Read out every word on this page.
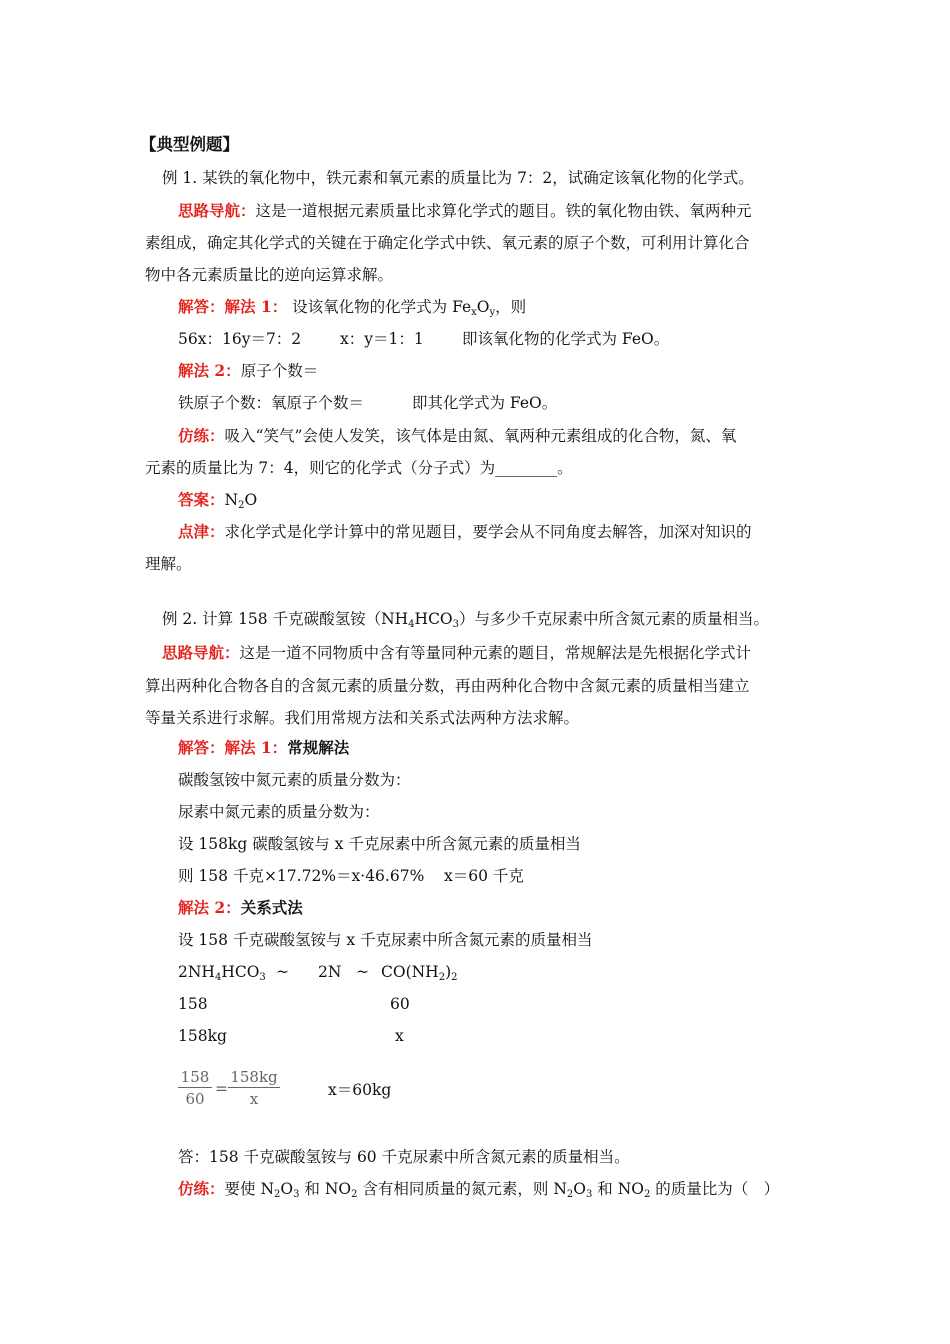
【典型例题】
例 1. 某铁的氧化物中，铁元素和氧元素的质量比为 7：2，试确定该氧化物的化学式。
思路导航：这是一道根据元素质量比求算化学式的题目。铁的氧化物由铁、氧两种元
素组成，确定其化学式的关键在于确定化学式中铁、氧元素的原子个数，可利用计算化合
物中各元素质量比的逆向运算求解。
解答：解法 1： 设该氧化物的化学式为 $Fe_xO_y$，则
56x：16y＝7：2	x：y＝1：1 即该氧化物的化学式为 FeO。
解法 2：原子个数＝
铁原子个数：氧原子个数＝	即其化学式为 FeO。
仿练：吸入“笑气”会使人发笑，该气体是由氮、氧两种元素组成的化合物，氮、氧
元素的质量比为 7：4，则它的化学式（分子式）为________。
答案：$N_2O$
点津：求化学式是化学计算中的常见题目，要学会从不同角度去解答，加深对知识的
理解。
例 2. 计算 158 千克碳酸氢铵$(NH_4HCO_3)$与多少千克尿素中所含氮元素的质量相当。
思路导航：这是一道不同物质中含有等量同种元素的题目，常规解法是先根据化学式计
算出两种化合物各自的含氮元素的质量分数，再由两种化合物中含氮元素的质量相当建立
等量关系进行求解。我们用常规方法和关系式法两种方法求解。
解答：解法 1：常规解法
碳酸氢铵中氮元素的质量分数为：
尿素中氮元素的质量分数为：
设 158kg 碳酸氢铵与 x 千克尿素中所含氮元素的质量相当
则 158 千克×17.72%＝x·46.67% x＝60 千克
解法 2：关系式法
设 158 千克碳酸氢铵与 x 千克尿素中所含氮元素的质量相当
$2NH_4HCO_3$ ~ 2N ~ $CO(NH_2)_2$
158	60
158kg	x
$\frac{158}{60} = \frac{158kg}{x}$	x＝60kg
答：158 千克碳酸氢铵与 60 千克尿素中所含氮元素的质量相当。
仿练：要使 $N_2O_3$ 和 $NO_2$ 含有相同质量的氮元素，则 $N_2O_3$ 和 $NO_2$ 的质量比为（　）
